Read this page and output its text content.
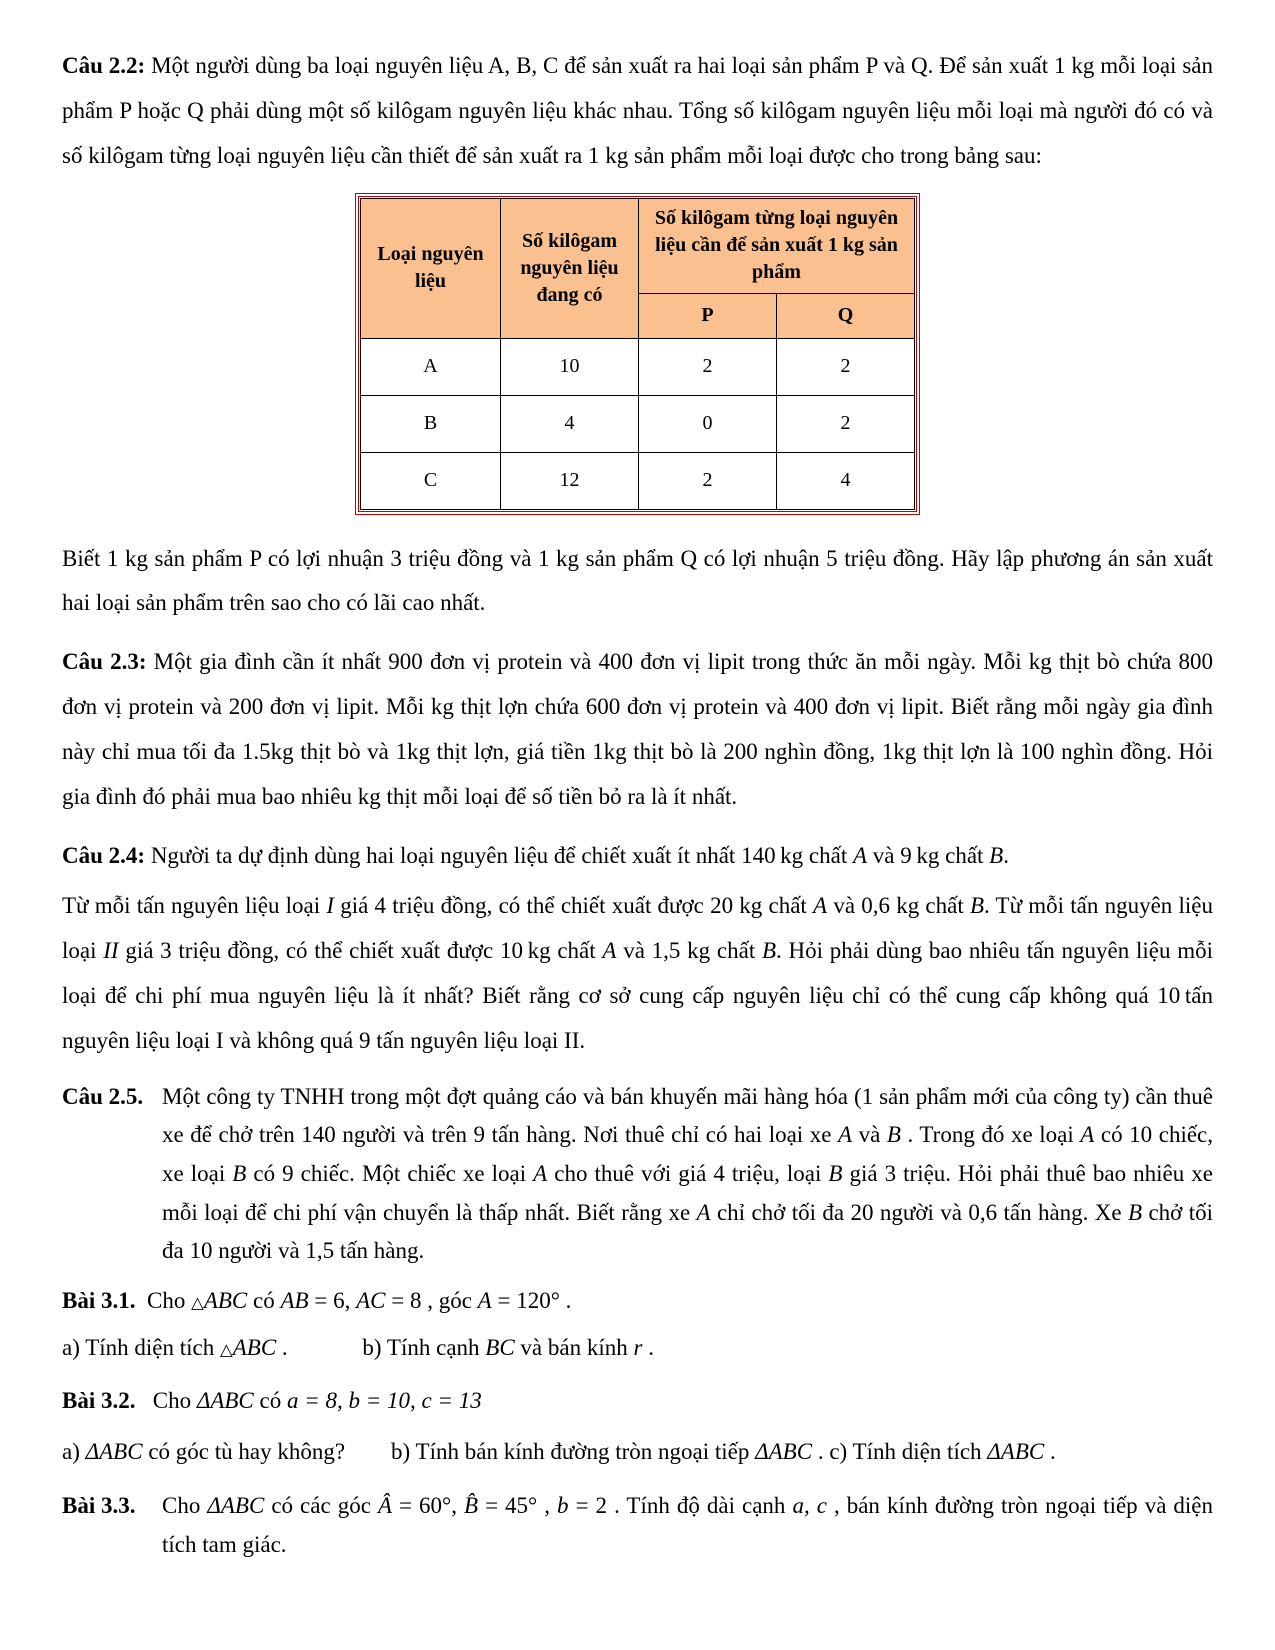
Câu 2.2: Một người dùng ba loại nguyên liệu A, B, C để sản xuất ra hai loại sản phẩm P và Q. Để sản xuất 1 kg mỗi loại sản phẩm P hoặc Q phải dùng một số kilôgam nguyên liệu khác nhau. Tổng số kilôgam nguyên liệu mỗi loại mà người đó có và số kilôgam từng loại nguyên liệu cần thiết để sản xuất ra 1 kg sản phẩm mỗi loại được cho trong bảng sau:

Loại nguyên liệu	Số kilôgam nguyên liệu đang có	Số kilôgam từng loại nguyên liệu cần để sản xuất 1 kg sản phẩm	
		P	Q
A	10	2	2
B	4	0	2
C	12	2	4

Biết 1 kg sản phẩm P có lợi nhuận 3 triệu đồng và 1 kg sản phẩm Q có lợi nhuận 5 triệu đồng. Hãy lập phương án sản xuất hai loại sản phẩm trên sao cho có lãi cao nhất.

Câu 2.3: Một gia đình cần ít nhất 900 đơn vị protein và 400 đơn vị lipit trong thức ăn mỗi ngày. Mỗi kg thịt bò chứa 800 đơn vị protein và 200 đơn vị lipit. Mỗi kg thịt lợn chứa 600 đơn vị protein và 400 đơn vị lipit. Biết rằng mỗi ngày gia đình này chỉ mua tối đa 1.5kg thịt bò và 1kg thịt lợn, giá tiền 1kg thịt bò là 200 nghìn đồng, 1kg thịt lợn là 100 nghìn đồng. Hỏi gia đình đó phải mua bao nhiêu kg thịt mỗi loại để số tiền bỏ ra là ít nhất.

Câu 2.4: Người ta dự định dùng hai loại nguyên liệu để chiết xuất ít nhất 140 kg chất A và 9 kg chất B.

Từ mỗi tấn nguyên liệu loại I giá 4 triệu đồng, có thể chiết xuất được 20 kg chất A và 0,6 kg chất B. Từ mỗi tấn nguyên liệu loại II giá 3 triệu đồng, có thể chiết xuất được 10 kg chất A và 1,5 kg chất B. Hỏi phải dùng bao nhiêu tấn nguyên liệu mỗi loại để chi phí mua nguyên liệu là ít nhất? Biết rằng cơ sở cung cấp nguyên liệu chỉ có thể cung cấp không quá 10 tấn nguyên liệu loại I và không quá 9 tấn nguyên liệu loại II.

Câu 2.5. Một công ty TNHH trong một đợt quảng cáo và bán khuyến mãi hàng hóa (1 sản phẩm mới của công ty) cần thuê xe để chở trên 140 người và trên 9 tấn hàng. Nơi thuê chỉ có hai loại xe A và B . Trong đó xe loại A có 10 chiếc, xe loại B có 9 chiếc. Một chiếc xe loại A cho thuê với giá 4 triệu, loại B giá 3 triệu. Hỏi phải thuê bao nhiêu xe mỗi loại để chi phí vận chuyển là thấp nhất. Biết rằng xe A chỉ chở tối đa 20 người và 0,6 tấn hàng. Xe B chở tối đa 10 người và 1,5 tấn hàng.

Bài 3.1.  Cho △ABC có AB = 6, AC = 8 , góc A = 120° .

a) Tính diện tích △ABC .             b) Tính cạnh BC và bán kính r .

Bài 3.2.   Cho ΔABC có a = 8, b = 10, c = 13

a) ΔABC có góc tù hay không?        b) Tính bán kính đường tròn ngoại tiếp ΔABC . c) Tính diện tích ΔABC .

Bài 3.3.	Cho ΔABC có các góc Â = 60°, B̂ = 45° , b = 2 . Tính độ dài cạnh a, c , bán kính đường tròn ngoại tiếp và diện tích tam giác.
